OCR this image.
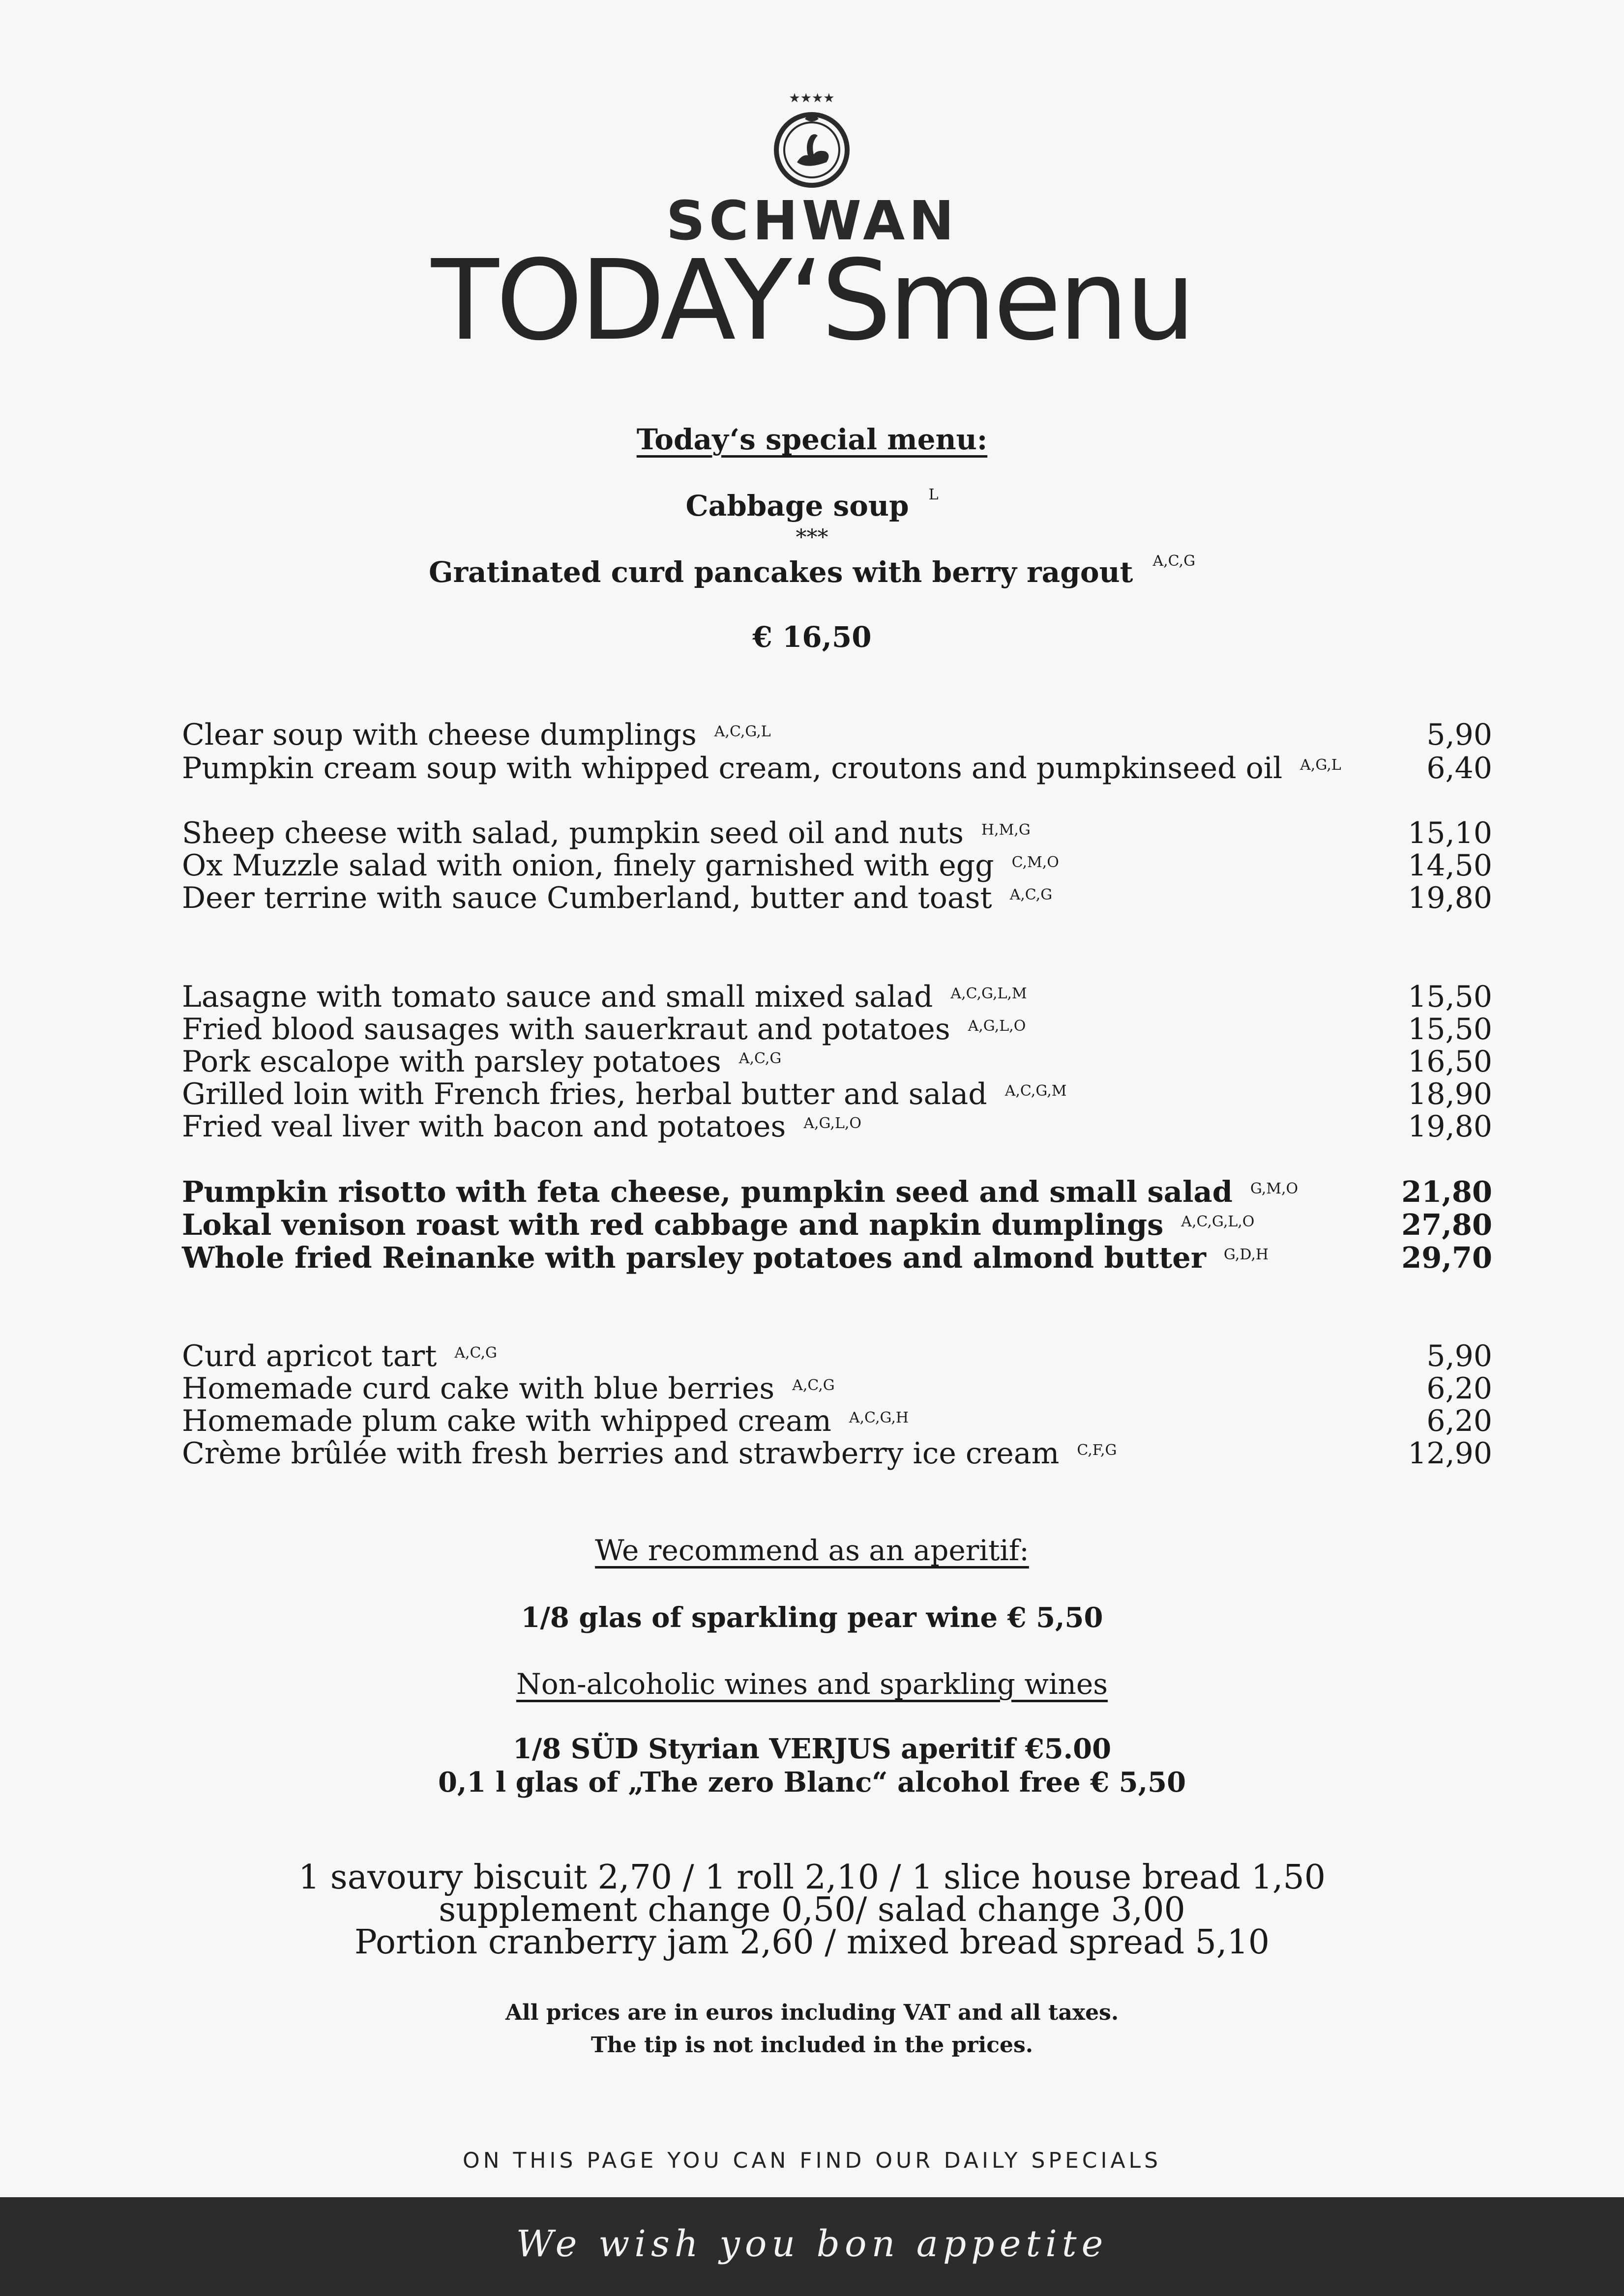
★★★★
SCHWAN
TODAY‘Smenu
Today‘s special menu:
Cabbage soup $^L$
***
Gratinated curd pancakes with berry ragout $^{A,C,G}$
€ 16,50
Clear soup with cheese dumplings $^{A,C,G,L}$	5,90
Pumpkin cream soup with whipped cream, croutons and pumpkinseed oil $^{A,G,L}$	6,40
Sheep cheese with salad, pumpkin seed oil and nuts $^{H,M,G}$	15,10
Ox Muzzle salad with onion, finely garnished with egg $^{C,M,O}$	14,50
Deer terrine with sauce Cumberland, butter and toast $^{A,C,G}$	19,80
Lasagne with tomato sauce and small mixed salad $^{A,C,G,L,M}$	15,50
Fried blood sausages with sauerkraut and potatoes $^{A,G,L,O}$	15,50
Pork escalope with parsley potatoes $^{A,C,G}$	16,50
Grilled loin with French fries, herbal butter and salad $^{A,C,G,M}$	18,90
Fried veal liver with bacon and potatoes $^{A,G,L,O}$	19,80
Pumpkin risotto with feta cheese, pumpkin seed and small salad $^{G,M,O}$	21,80
Lokal venison roast with red cabbage and napkin dumplings $^{A,C,G,L,O}$	27,80
Whole fried Reinanke with parsley potatoes and almond butter $^{G,D,H}$	29,70
Curd apricot tart $^{A,C,G}$	5,90
Homemade curd cake with blue berries $^{A,C,G}$	6,20
Homemade plum cake with whipped cream $^{A,C,G,H}$	6,20
Crème brûlée with fresh berries and strawberry ice cream $^{C,F,G}$	12,90
We recommend as an aperitif:
1/8 glas of sparkling pear wine € 5,50
Non-alcoholic wines and sparkling wines
1/8 SÜD Styrian VERJUS aperitif €5.00
0,1 l glas of „The zero Blanc“ alcohol free € 5,50
1 savoury biscuit 2,70 / 1 roll 2,10 / 1 slice house bread 1,50
supplement change 0,50/ salad change 3,00
Portion cranberry jam 2,60 / mixed bread spread 5,10
All prices are in euros including VAT and all taxes.
The tip is not included in the prices.
ON THIS PAGE YOU CAN FIND OUR DAILY SPECIALS
We wish you bon appetite
